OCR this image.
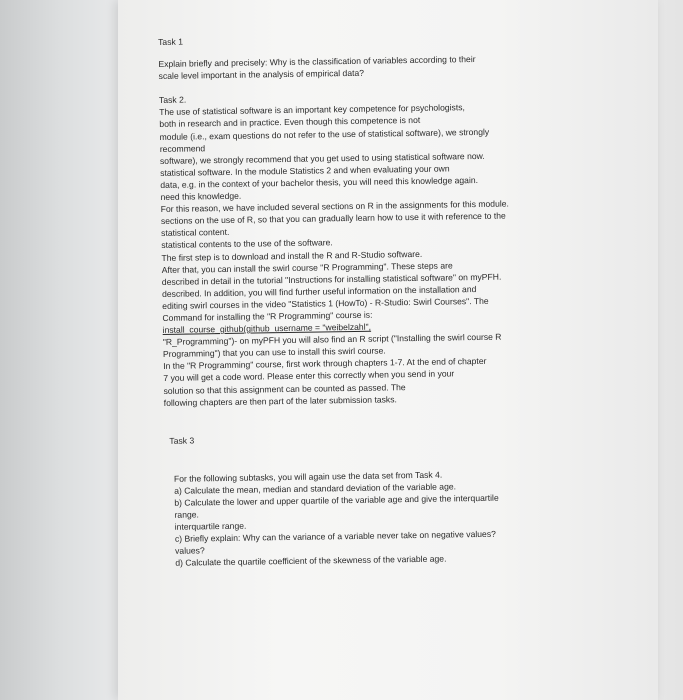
Task 1
Explain briefly and precisely: Why is the classification of variables according to their
scale level important in the analysis of empirical data?
Task 2.
The use of statistical software is an important key competence for psychologists,
both in research and in practice. Even though this competence is not
module (i.e., exam questions do not refer to the use of statistical software), we strongly
recommend
software), we strongly recommend that you get used to using statistical software now.
statistical software. In the module Statistics 2 and when evaluating your own
data, e.g. in the context of your bachelor thesis, you will need this knowledge again.
need this knowledge.
For this reason, we have included several sections on R in the assignments for this module.
sections on the use of R, so that you can gradually learn how to use it with reference to the
statistical content.
statistical contents to the use of the software.
The first step is to download and install the R and R-Studio software.
After that, you can install the swirl course "R Programming". These steps are
described in detail in the tutorial "Instructions for installing statistical software" on myPFH.
described. In addition, you will find further useful information on the installation and
editing swirl courses in the video "Statistics 1 (HowTo) - R-Studio: Swirl Courses". The
Command for installing the "R Programming" course is:
install_course_github(github_username = "weibelzahl",
"R_Programming")- on myPFH you will also find an R script ("Installing the swirl course R
Programming") that you can use to install this swirl course.
In the "R Programming" course, first work through chapters 1-7. At the end of chapter
7 you will get a code word. Please enter this correctly when you send in your
solution so that this assignment can be counted as passed. The
following chapters are then part of the later submission tasks.
Task 3
For the following subtasks, you will again use the data set from Task 4.
a) Calculate the mean, median and standard deviation of the variable age.
b) Calculate the lower and upper quartile of the variable age and give the interquartile
range.
interquartile range.
c) Briefly explain: Why can the variance of a variable never take on negative values?
values?
d) Calculate the quartile coefficient of the skewness of the variable age.
